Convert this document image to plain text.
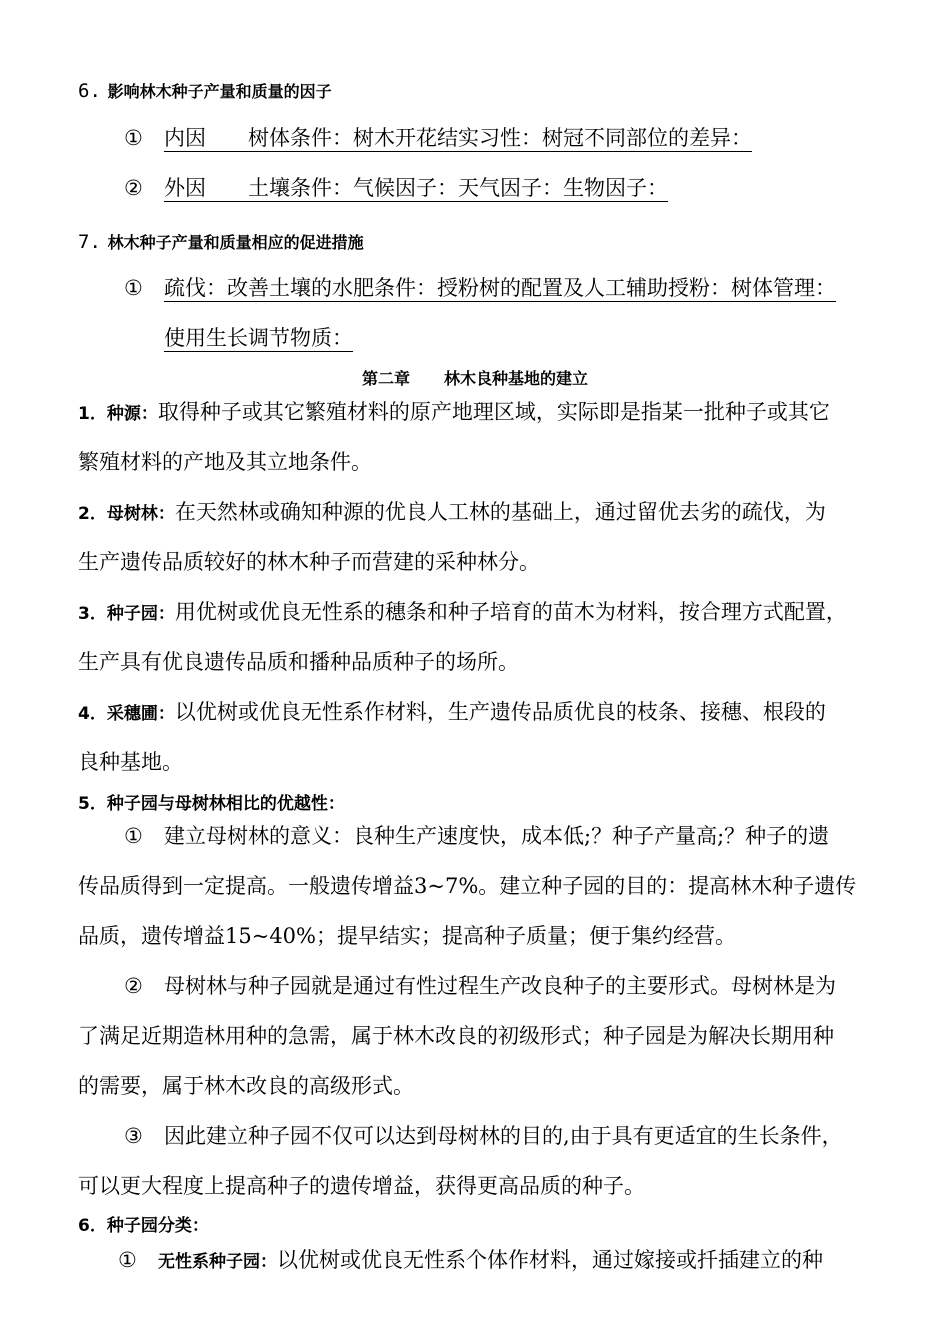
6. 影响林木种子产量和质量的因子
① 内因 树体条件：树木开花结实习性：树冠不同部位的差异：
② 外因 土壤条件：气候因子：天气因子：生物因子：
7. 林木种子产量和质量相应的促进措施
① 疏伐：改善土壤的水肥条件：授粉树的配置及人工辅助授粉：树体管理：
使用生长调节物质：
第二章 林木良种基地的建立
1．种源：取得种子或其它繁殖材料的原产地理区域，实际即是指某一批种子或其它
繁殖材料的产地及其立地条件。
2．母树林：在天然林或确知种源的优良人工林的基础上，通过留优去劣的疏伐，为
生产遗传品质较好的林木种子而营建的采种林分。
3．种子园：用优树或优良无性系的穗条和种子培育的苗木为材料，按合理方式配置，
生产具有优良遗传品质和播种品质种子的场所。
4．采穗圃：以优树或优良无性系作材料，生产遗传品质优良的枝条、接穗、根段的
良种基地。
5．种子园与母树林相比的优越性：
① 建立母树林的意义：良种生产速度快，成本低;？种子产量高;？种子的遗
传品质得到一定提高。一般遗传增益3~7%。建立种子园的目的：提高林木种子遗传
品质，遗传增益15~40%；提早结实；提高种子质量；便于集约经营。
② 母树林与种子园就是通过有性过程生产改良种子的主要形式。母树林是为
了满足近期造林用种的急需，属于林木改良的初级形式；种子园是为解决长期用种
的需要，属于林木改良的高级形式。
③ 因此建立种子园不仅可以达到母树林的目的,由于具有更适宜的生长条件，
可以更大程度上提高种子的遗传增益，获得更高品质的种子。
6．种子园分类：
① 无性系种子园：以优树或优良无性系个体作材料，通过嫁接或扦插建立的种
